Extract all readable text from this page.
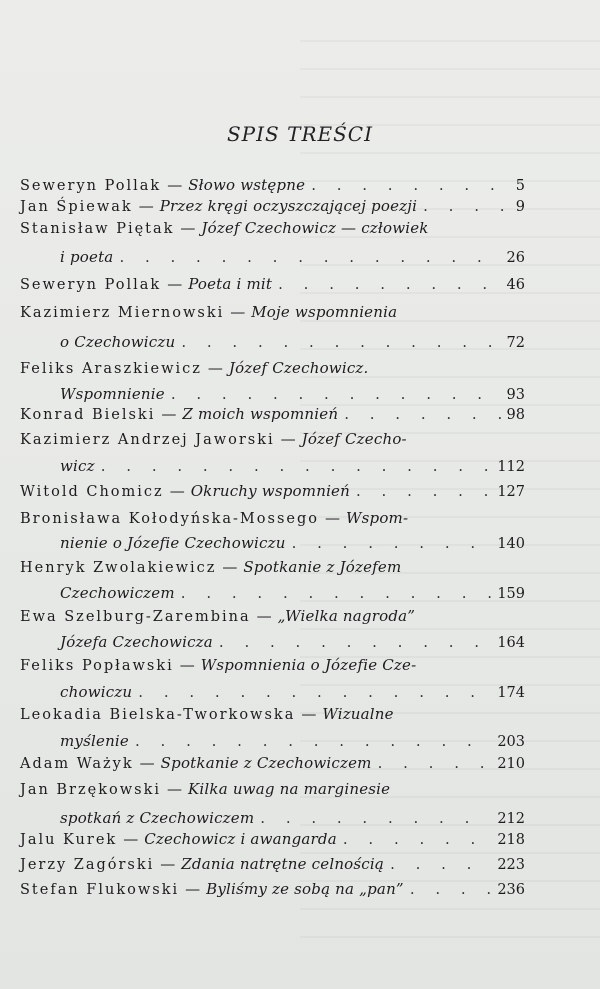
SPIS TREŚCI
Seweryn Pollak — Słowo wstępne . . .	5
Jan Śpiewak — Przez kręgi oczyszczającej poezji . . .	9
Stanisław Piętak — Józef Czechowicz — człowiek
i poeta . . .	26
Seweryn Pollak — Poeta i mit . . .	46
Kazimierz Miernowski — Moje wspomnienia
o Czechowiczu . . .	72
Feliks Araszkiewicz — Józef Czechowicz.
Wspomnienie . . .	93
Konrad Bielski — Z moich wspomnień . . .	98
Kazimierz Andrzej Jaworski — Józef Czecho-
wicz . . .	112
Witold Chomicz — Okruchy wspomnień . . .	127
Bronisława Kołodyńska-Mossego — Wspom-
nienie o Józefie Czechowiczu . . .	140
Henryk Zwolakiewicz — Spotkanie z Józefem
Czechowiczem . . .	159
Ewa Szelburg-Zarembina — „Wielka nagroda”
Józefa Czechowicza . . .	164
Feliks Popławski — Wspomnienia o Józefie Cze-
chowiczu . . .	174
Leokadia Bielska-Tworkowska — Wizualne
myślenie . . .	203
Adam Ważyk — Spotkanie z Czechowiczem . . .	210
Jan Brzękowski — Kilka uwag na marginesie
spotkań z Czechowiczem . . .	212
Jalu Kurek — Czechowicz i awangarda . . .	218
Jerzy Zagórski — Zdania natrętne celnością . . .	223
Stefan Flukowski — Byliśmy ze sobą na „pan” . . .	236
